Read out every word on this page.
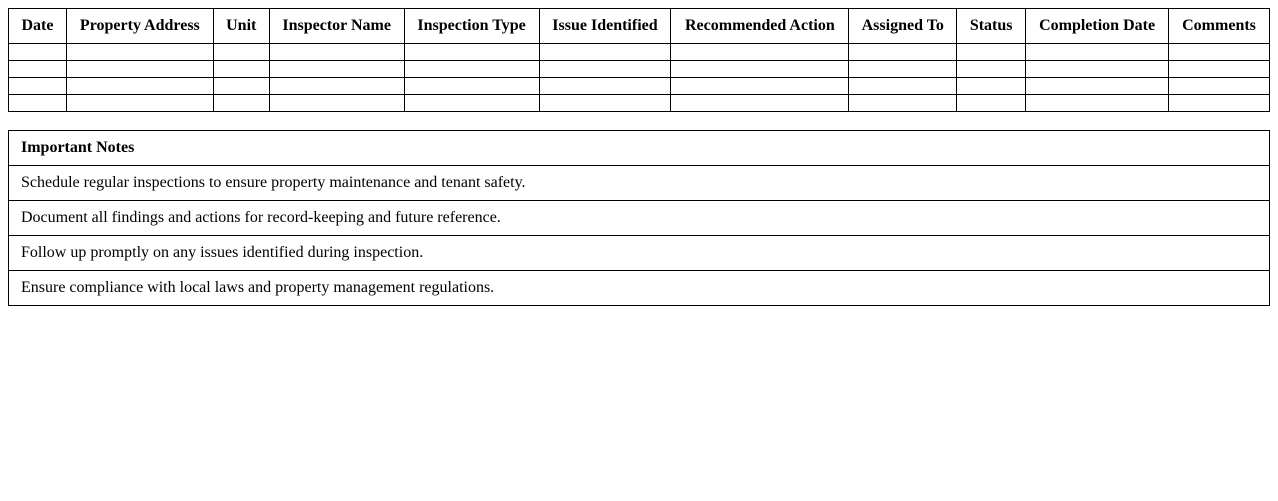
Date	Property Address	Unit	Inspector Name	Inspection Type	Issue Identified	Recommended Action	Assigned To	Status	Completion Date	Comments

Important Notes
Schedule regular inspections to ensure property maintenance and tenant safety.
Document all findings and actions for record-keeping and future reference.
Follow up promptly on any issues identified during inspection.
Ensure compliance with local laws and property management regulations.
